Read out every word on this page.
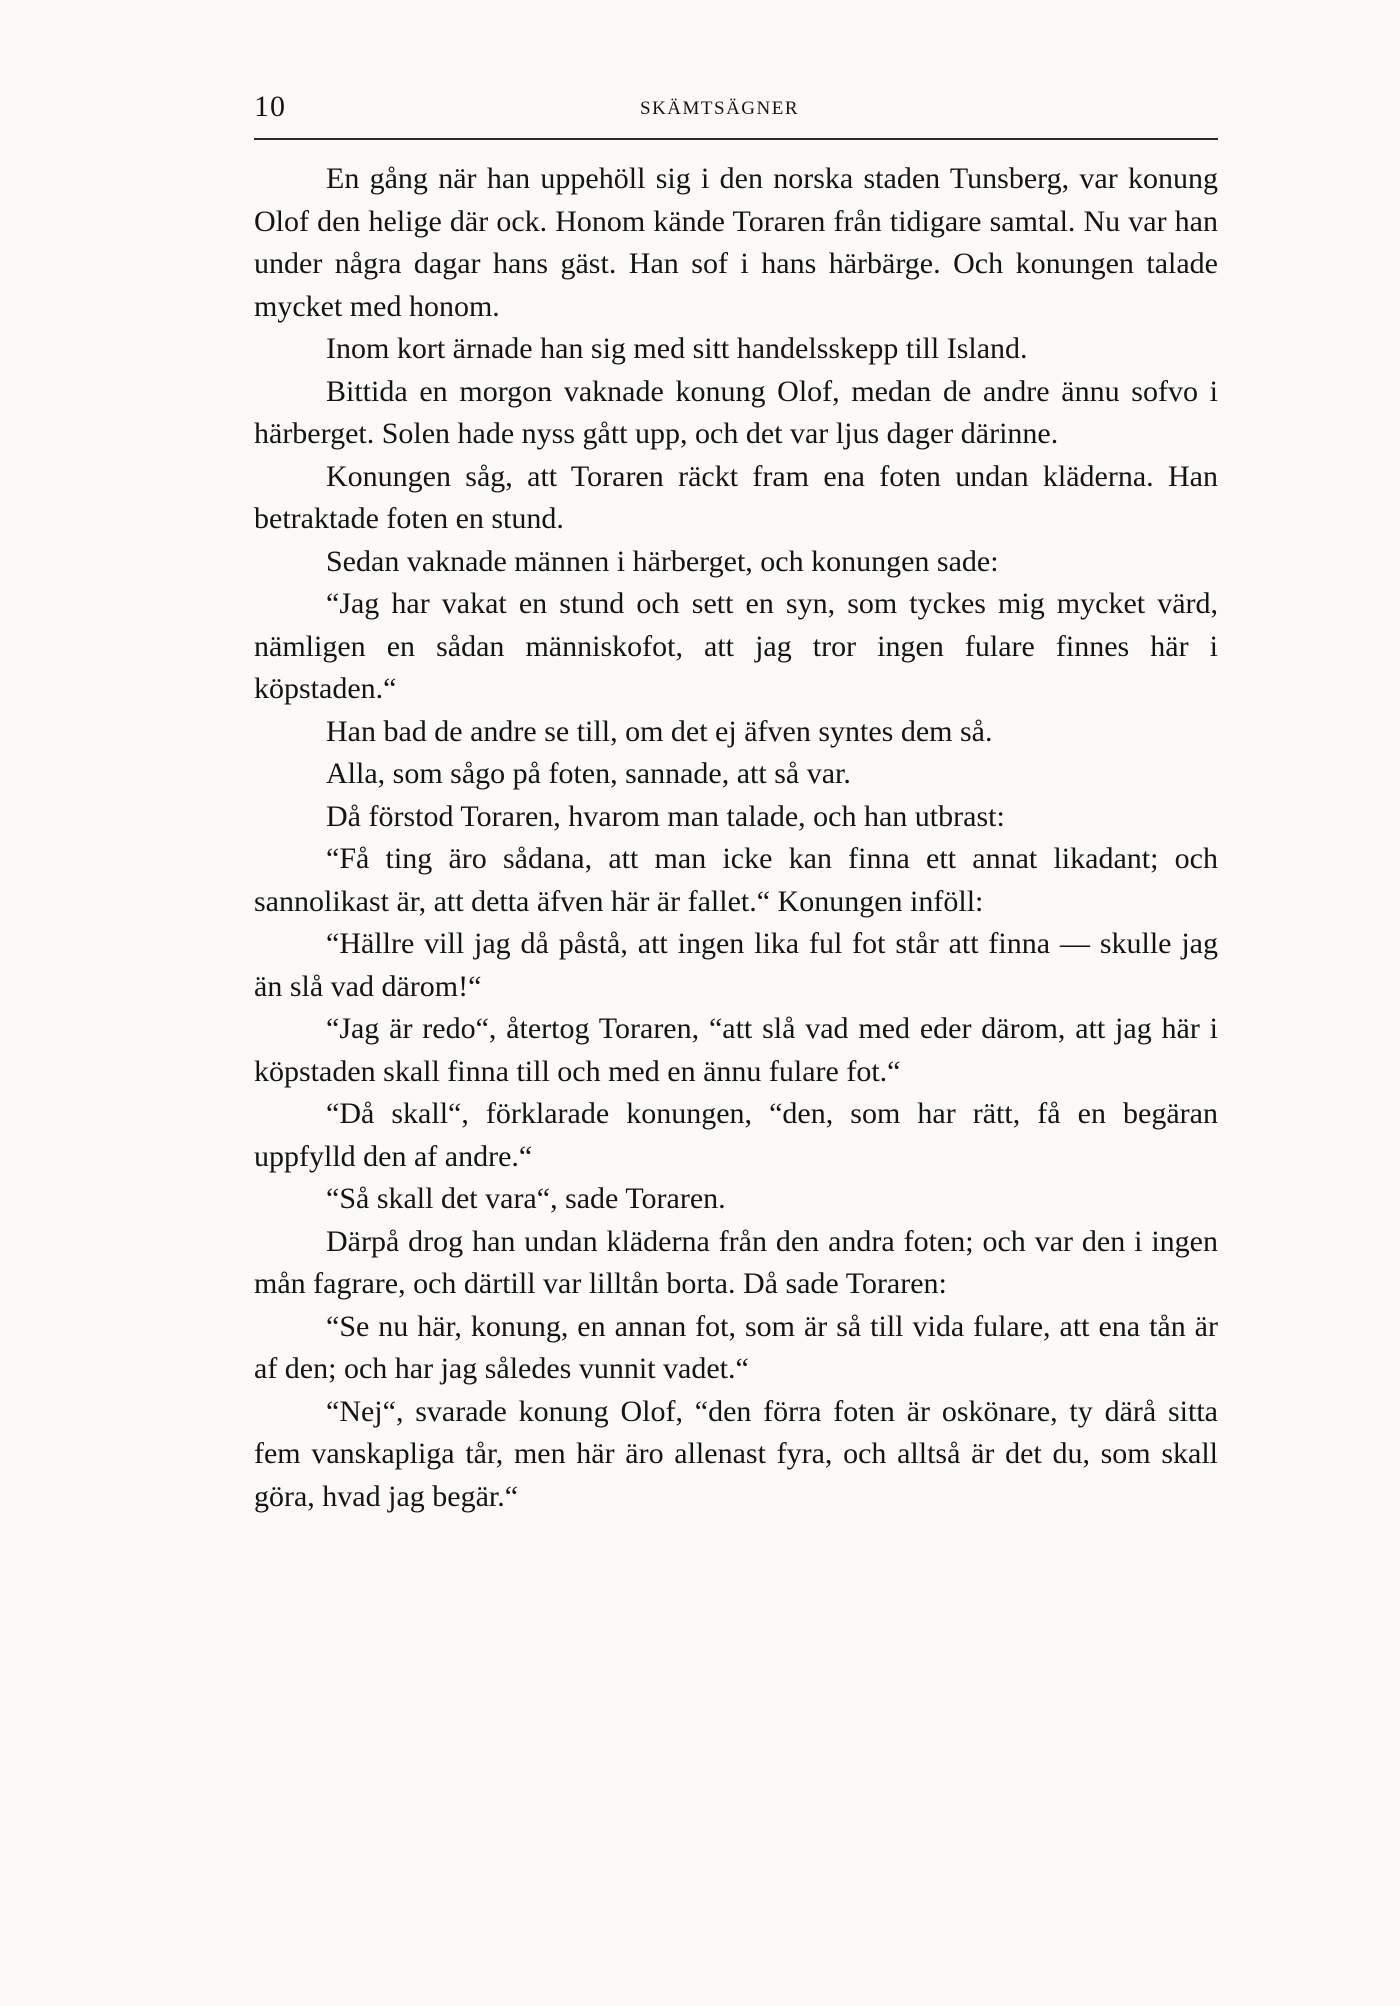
10	SKÄMTSÄGNER

En gång när han uppehöll sig i den norska staden Tunsberg, var konung Olof den helige där ock. Honom kände Toraren från tidigare samtal. Nu var han under några dagar hans gäst. Han sof i hans härbärge. Och konungen talade mycket med honom.

Inom kort ärnade han sig med sitt handelsskepp till Island.

Bittida en morgon vaknade konung Olof, medan de andre ännu sofvo i härberget. Solen hade nyss gått upp, och det var ljus dager därinne.

Konungen såg, att Toraren räckt fram ena foten undan kläderna. Han betraktade foten en stund.

Sedan vaknade männen i härberget, och konungen sade:

“Jag har vakat en stund och sett en syn, som tyckes mig mycket värd, nämligen en sådan människofot, att jag tror ingen fulare finnes här i köpstaden.“

Han bad de andre se till, om det ej äfven syntes dem så.

Alla, som sågo på foten, sannade, att så var.

Då förstod Toraren, hvarom man talade, och han utbrast:

“Få ting äro sådana, att man icke kan finna ett annat likadant; och sannolikast är, att detta äfven här är fallet.“ Konungen inföll:

“Hällre vill jag då påstå, att ingen lika ful fot står att finna — skulle jag än slå vad därom!“

“Jag är redo“, återtog Toraren, “att slå vad med eder därom, att jag här i köpstaden skall finna till och med en ännu fulare fot.“

“Då skall“, förklarade konungen, “den, som har rätt, få en begäran uppfylld den af andre.“

“Så skall det vara“, sade Toraren.

Därpå drog han undan kläderna från den andra foten; och var den i ingen mån fagrare, och därtill var lilltån borta. Då sade Toraren:

“Se nu här, konung, en annan fot, som är så till vida fulare, att ena tån är af den; och har jag således vunnit vadet.“

“Nej“, svarade konung Olof, “den förra foten är oskönare, ty därå sitta fem vanskapliga tår, men här äro allenast fyra, och alltså är det du, som skall göra, hvad jag begär.“
